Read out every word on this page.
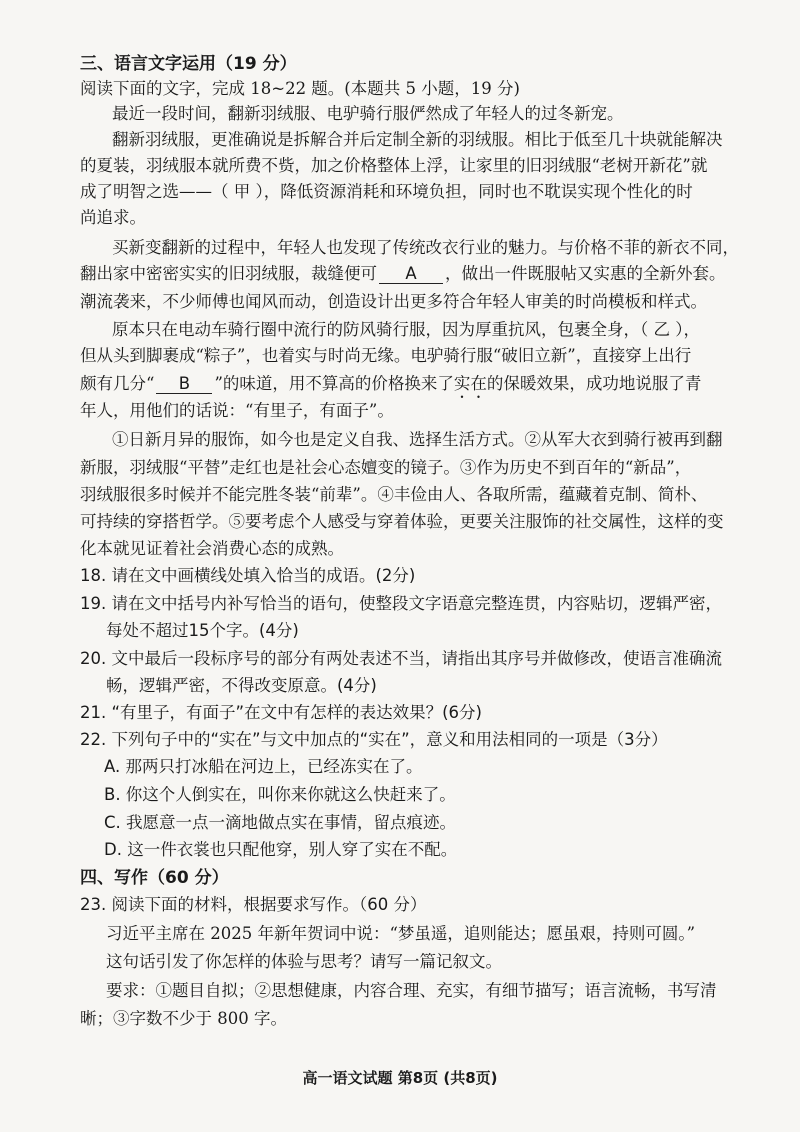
三、语言文字运用（19 分）
阅读下面的文字，完成 18~22 题。(本题共 5 小题，19 分)
最近一段时间，翻新羽绒服、电驴骑行服俨然成了年轻人的过冬新宠。
翻新羽绒服，更准确说是拆解合并后定制全新的羽绒服。相比于低至几十块就能解决
的夏装，羽绒服本就所费不赀，加之价格整体上浮，让家里的旧羽绒服“老树开新花”就
成了明智之选——（ 甲 ），降低资源消耗和环境负担，同时也不耽误实现个性化的时
尚追求。
买新变翻新的过程中，年轻人也发现了传统改衣行业的魅力。与价格不菲的新衣不同，
翻出家中密密实实的旧羽绒服，裁缝便可 A ，做出一件既服帖又实惠的全新外套。
潮流袭来，不少师傅也闻风而动，创造设计出更多符合年轻人审美的时尚模板和样式。
原本只在电动车骑行圈中流行的防风骑行服，因为厚重抗风，包裹全身，（ 乙 ），
但从头到脚裹成“粽子”，也着实与时尚无缘。电驴骑行服“破旧立新”，直接穿上出行
颇有几分“ B ”的味道，用不算高的价格换来了实在的保暖效果，成功地说服了青
年人，用他们的话说：“有里子，有面子”。
①日新月异的服饰，如今也是定义自我、选择生活方式。②从军大衣到骑行被再到翻
新服，羽绒服“平替”走红也是社会心态嬗变的镜子。③作为历史不到百年的“新品”，
羽绒服很多时候并不能完胜冬装“前辈”。④丰俭由人、各取所需，蕴藏着克制、简朴、
可持续的穿搭哲学。⑤要考虑个人感受与穿着体验，更要关注服饰的社交属性，这样的变
化本就见证着社会消费心态的成熟。
18. 请在文中画横线处填入恰当的成语。(2分)
19. 请在文中括号内补写恰当的语句，使整段文字语意完整连贯，内容贴切，逻辑严密，
每处不超过15个字。(4分)
20. 文中最后一段标序号的部分有两处表述不当，请指出其序号并做修改，使语言准确流
畅，逻辑严密，不得改变原意。(4分)
21. “有里子，有面子”在文中有怎样的表达效果？(6分)
22. 下列句子中的“实在”与文中加点的“实在”，意义和用法相同的一项是（3分）
A. 那两只打冰船在河边上，已经冻实在了。
B. 你这个人倒实在，叫你来你就这么快赶来了。
C. 我愿意一点一滴地做点实在事情，留点痕迹。
D. 这一件衣裳也只配他穿，别人穿了实在不配。
四、写作（60 分）
23. 阅读下面的材料，根据要求写作。（60 分）
习近平主席在 2025 年新年贺词中说：“梦虽遥，追则能达；愿虽艰，持则可圆。”
这句话引发了你怎样的体验与思考？请写一篇记叙文。
要求：①题目自拟；②思想健康，内容合理、充实，有细节描写；语言流畅，书写清
晰；③字数不少于 800 字。
高一语文试题 第8页 (共8页)
